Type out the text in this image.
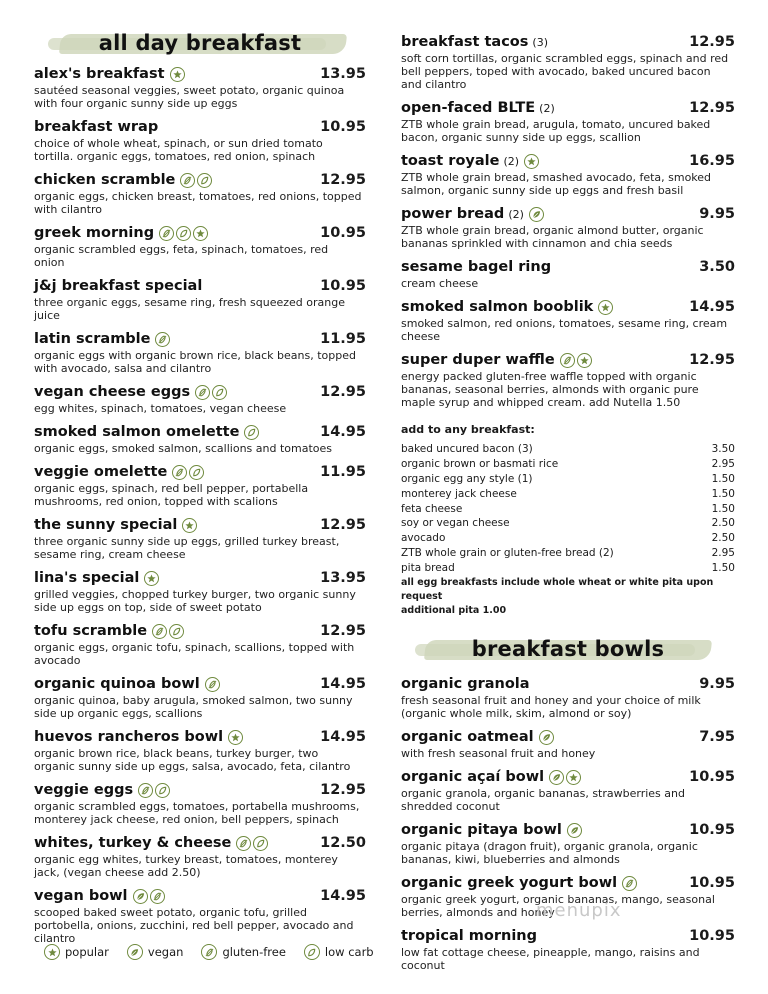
all day breakfast
alex's breakfast	13.95
sautéed seasonal veggies, sweet potato, organic quinoa with four organic sunny side up eggs
breakfast wrap	10.95
choice of whole wheat, spinach, or sun dried tomato tortilla. organic eggs, tomatoes, red onion, spinach
chicken scramble	12.95
organic eggs, chicken breast, tomatoes, red onions, topped with cilantro
greek morning	10.95
organic scrambled eggs, feta, spinach, tomatoes, red onion
j&j breakfast special	10.95
three organic eggs, sesame ring, fresh squeezed orange juice
latin scramble	11.95
organic eggs with organic brown rice, black beans, topped with avocado, salsa and cilantro
vegan cheese eggs	12.95
egg whites, spinach, tomatoes, vegan cheese
smoked salmon omelette	14.95
organic eggs, smoked salmon, scallions and tomatoes
veggie omelette	11.95
organic eggs, spinach, red bell pepper, portabella mushrooms, red onion, topped with scalions
the sunny special	12.95
three organic sunny side up eggs, grilled turkey breast, sesame ring, cream cheese
lina's special	13.95
grilled veggies, chopped turkey burger, two organic sunny side up eggs on top, side of sweet potato
tofu scramble	12.95
organic eggs, organic tofu, spinach, scallions, topped with avocado
organic quinoa bowl	14.95
organic quinoa, baby arugula, smoked salmon, two sunny side up organic eggs, scallions
huevos rancheros bowl	14.95
organic brown rice, black beans, turkey burger, two organic sunny side up eggs, salsa, avocado, feta, cilantro
veggie eggs	12.95
organic scrambled eggs, tomatoes, portabella mushrooms, monterey jack cheese, red onion, bell peppers, spinach
whites, turkey & cheese	12.50
organic egg whites, turkey breast, tomatoes, monterey jack, (vegan cheese add 2.50)
vegan bowl	14.95
scooped baked sweet potato, organic tofu, grilled portobella, onions, zucchini, red bell pepper, avocado and cilantro
breakfast tacos (3)	12.95
soft corn tortillas, organic scrambled eggs, spinach and red bell peppers, toped with avocado, baked uncured bacon and cilantro
open-faced BLTE (2)	12.95
ZTB whole grain bread, arugula, tomato, uncured baked bacon, organic sunny side up eggs, scallion
toast royale (2)	16.95
ZTB whole grain bread, smashed avocado, feta, smoked salmon, organic sunny side up eggs and fresh basil
power bread (2)	9.95
ZTB whole grain bread, organic almond butter, organic bananas sprinkled with cinnamon and chia seeds
sesame bagel ring	3.50
cream cheese
smoked salmon booblik	14.95
smoked salmon, red onions, tomatoes, sesame ring, cream cheese
super duper waffle	12.95
energy packed gluten-free waffle topped with organic bananas, seasonal berries, almonds with organic pure maple syrup and whipped cream. add Nutella 1.50
add to any breakfast:
baked uncured bacon (3)	3.50
organic brown or basmati rice	2.95
organic egg any style (1)	1.50
monterey jack cheese	1.50
feta cheese	1.50
soy or vegan cheese	2.50
avocado	2.50
ZTB whole grain or gluten-free bread (2)	2.95
pita bread	1.50
all egg breakfasts include whole wheat or white pita upon request
additional pita 1.00
breakfast bowls
organic granola	9.95
fresh seasonal fruit and honey and your choice of milk (organic whole milk, skim, almond or soy)
organic oatmeal	7.95
with fresh seasonal fruit and honey
organic açaí bowl	10.95
organic granola, organic bananas, strawberries and shredded coconut
organic pitaya bowl	10.95
organic pitaya (dragon fruit), organic granola, organic bananas, kiwi, blueberries and almonds
organic greek yogurt bowl	10.95
organic greek yogurt, organic bananas, mango, seasonal berries, almonds and honey
tropical morning	10.95
low fat cottage cheese, pineapple, mango, raisins and coconut
popular	vegan	gluten-free	low carb
menupix
